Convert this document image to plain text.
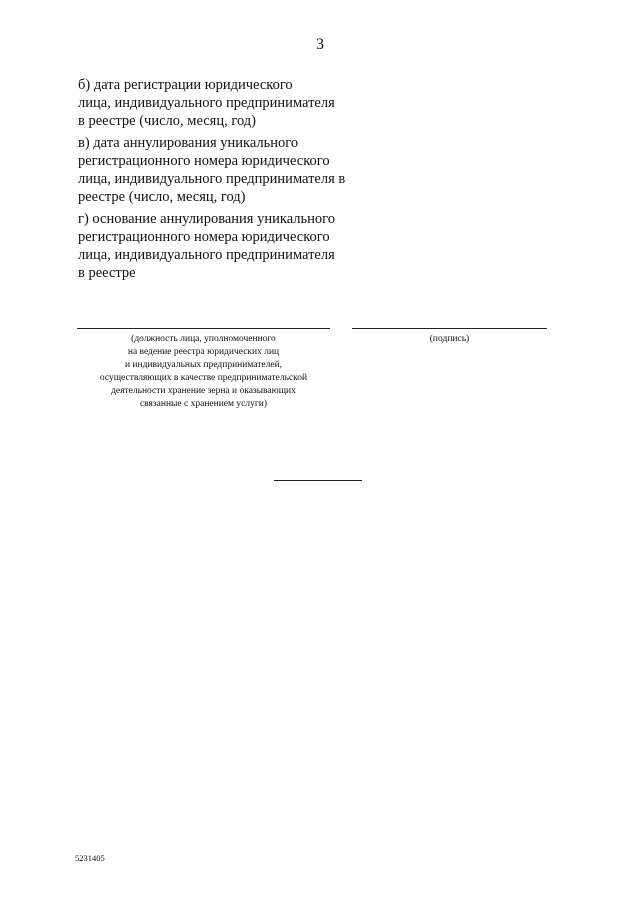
3
б) дата регистрации юридического
лица, индивидуального предпринимателя
в реестре (число, месяц, год)
в) дата аннулирования уникального
регистрационного номера юридического
лица, индивидуального предпринимателя в
реестре (число, месяц, год)
г) основание аннулирования уникального
регистрационного номера юридического
лица, индивидуального предпринимателя
в реестре
(должность лица, уполномоченного
на ведение реестра юридических лиц
и индивидуальных предпринимателей,
осуществляющих в качестве предпринимательской
деятельности хранение зерна и оказывающих
связанные с хранением услуги)
(подпись)
5231405
